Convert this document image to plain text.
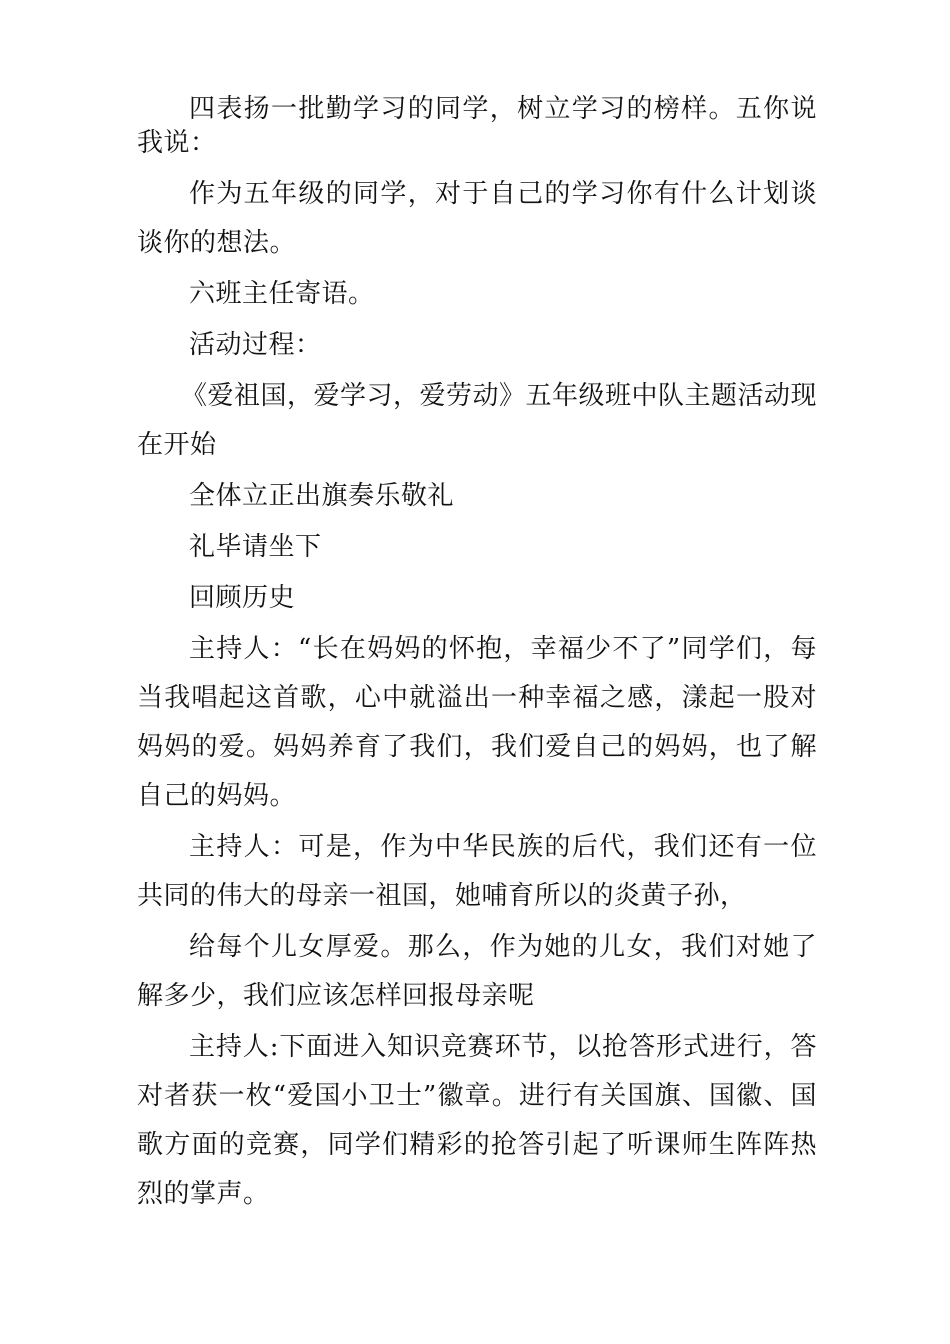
四表扬一批勤学习的同学，树立学习的榜样。五你说我说：

作为五年级的同学，对于自己的学习你有什么计划谈谈你的想法。

六班主任寄语。

活动过程：

《爱祖国，爱学习，爱劳动》五年级班中队主题活动现在开始

全体立正出旗奏乐敬礼

礼毕请坐下

回顾历史

主持人：“长在妈妈的怀抱，幸福少不了”同学们，每当我唱起这首歌，心中就溢出一种幸福之感，漾起一股对妈妈的爱。妈妈养育了我们，我们爱自己的妈妈，也了解自己的妈妈。

主持人：可是，作为中华民族的后代，我们还有一位共同的伟大的母亲一祖国，她哺育所以的炎黄子孙，

给每个儿女厚爱。那么，作为她的儿女，我们对她了解多少，我们应该怎样回报母亲呢

主持人:下面进入知识竞赛环节，以抢答形式进行，答对者获一枚“爱国小卫士”徽章。进行有关国旗、国徽、国歌方面的竞赛，同学们精彩的抢答引起了听课师生阵阵热烈的掌声。
